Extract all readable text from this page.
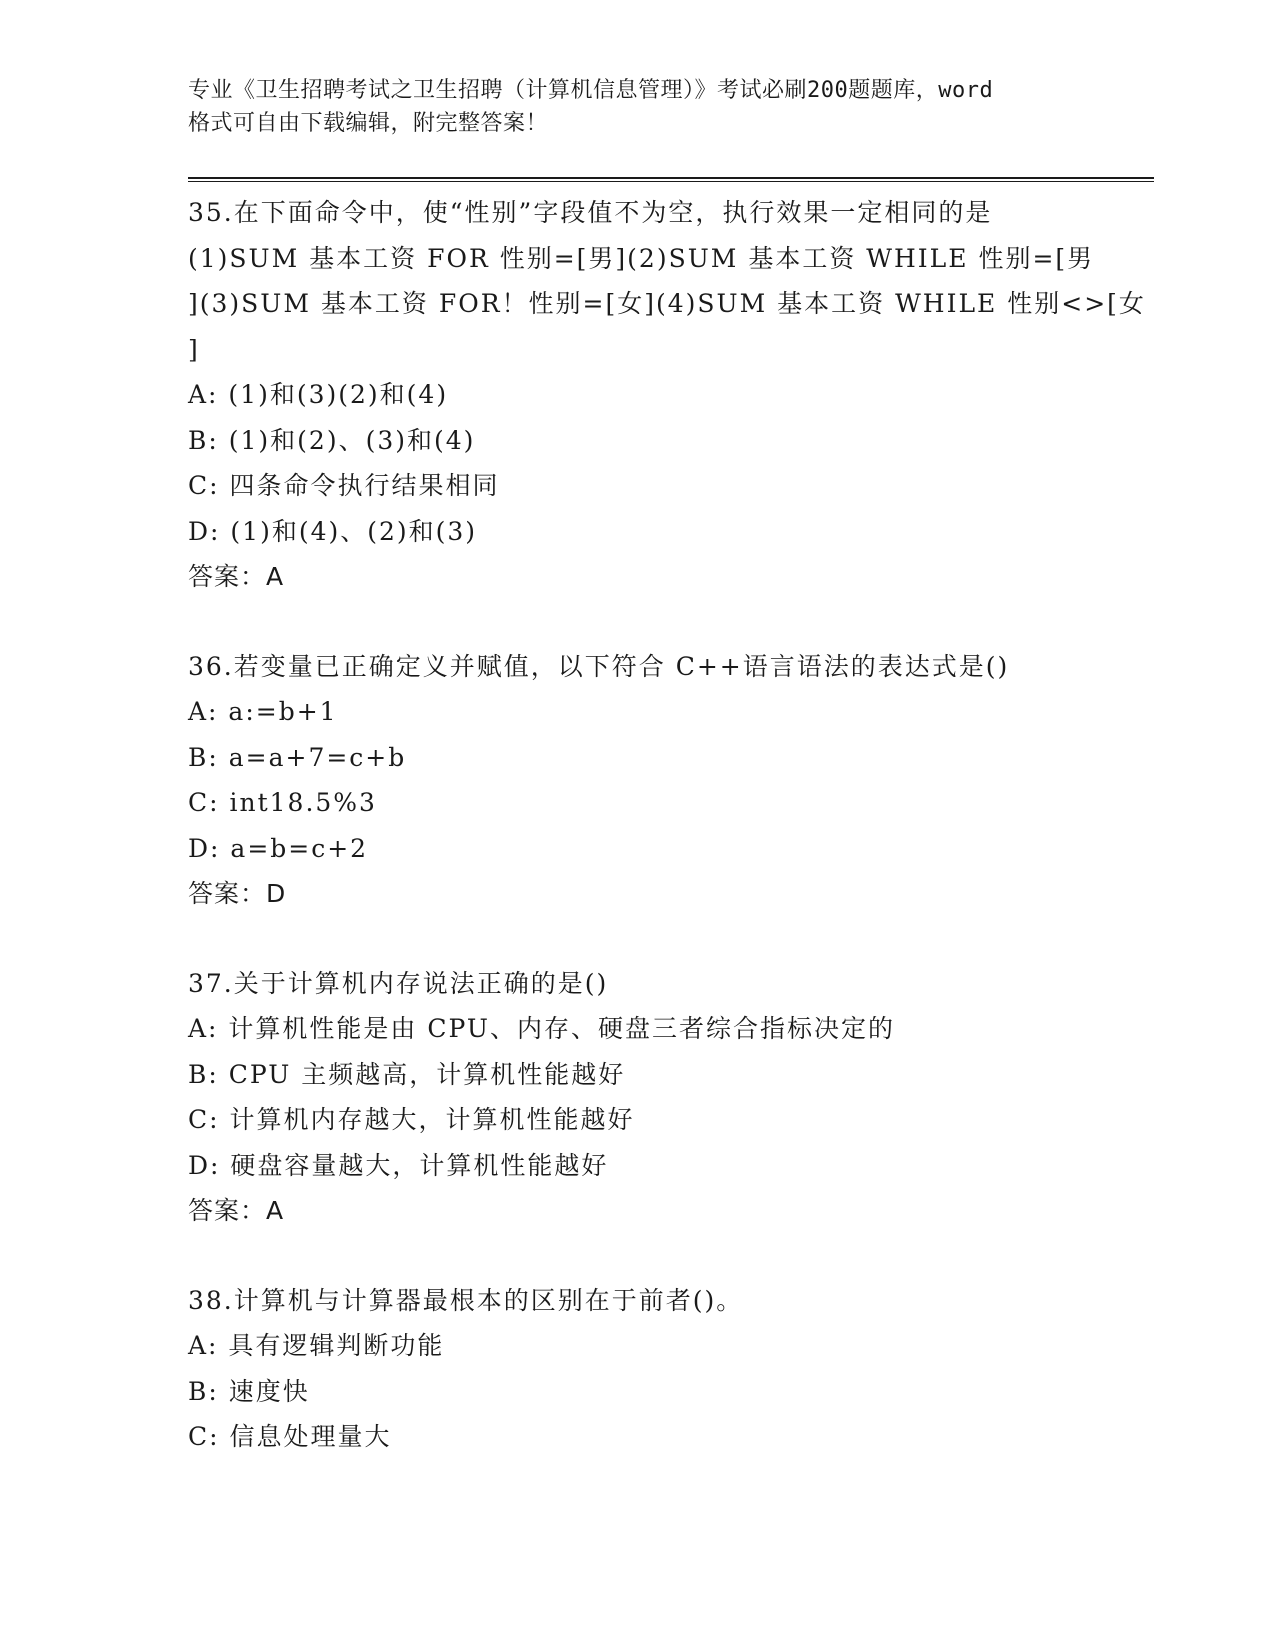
专业《卫生招聘考试之卫生招聘（计算机信息管理）》考试必刷200题题库，word
格式可自由下载编辑，附完整答案！
35.在下面命令中，使“性别”字段值不为空，执行效果一定相同的是
(1)SUM 基本工资 FOR 性别=[男](2)SUM 基本工资 WHILE 性别=[男
](3)SUM 基本工资 FOR！性别=[女](4)SUM 基本工资 WHILE 性别<>[女
]
A: (1)和(3)(2)和(4)
B: (1)和(2)、(3)和(4)
C: 四条命令执行结果相同
D: (1)和(4)、(2)和(3)
答案：A
36.若变量已正确定义并赋值，以下符合 C++语言语法的表达式是()
A: a:=b+1
B: a=a+7=c+b
C: int18.5%3
D: a=b=c+2
答案：D
37.关于计算机内存说法正确的是()
A: 计算机性能是由 CPU、内存、硬盘三者综合指标决定的
B: CPU 主频越高，计算机性能越好
C: 计算机内存越大，计算机性能越好
D: 硬盘容量越大，计算机性能越好
答案：A
38.计算机与计算器最根本的区别在于前者()。
A: 具有逻辑判断功能
B: 速度快
C: 信息处理量大
